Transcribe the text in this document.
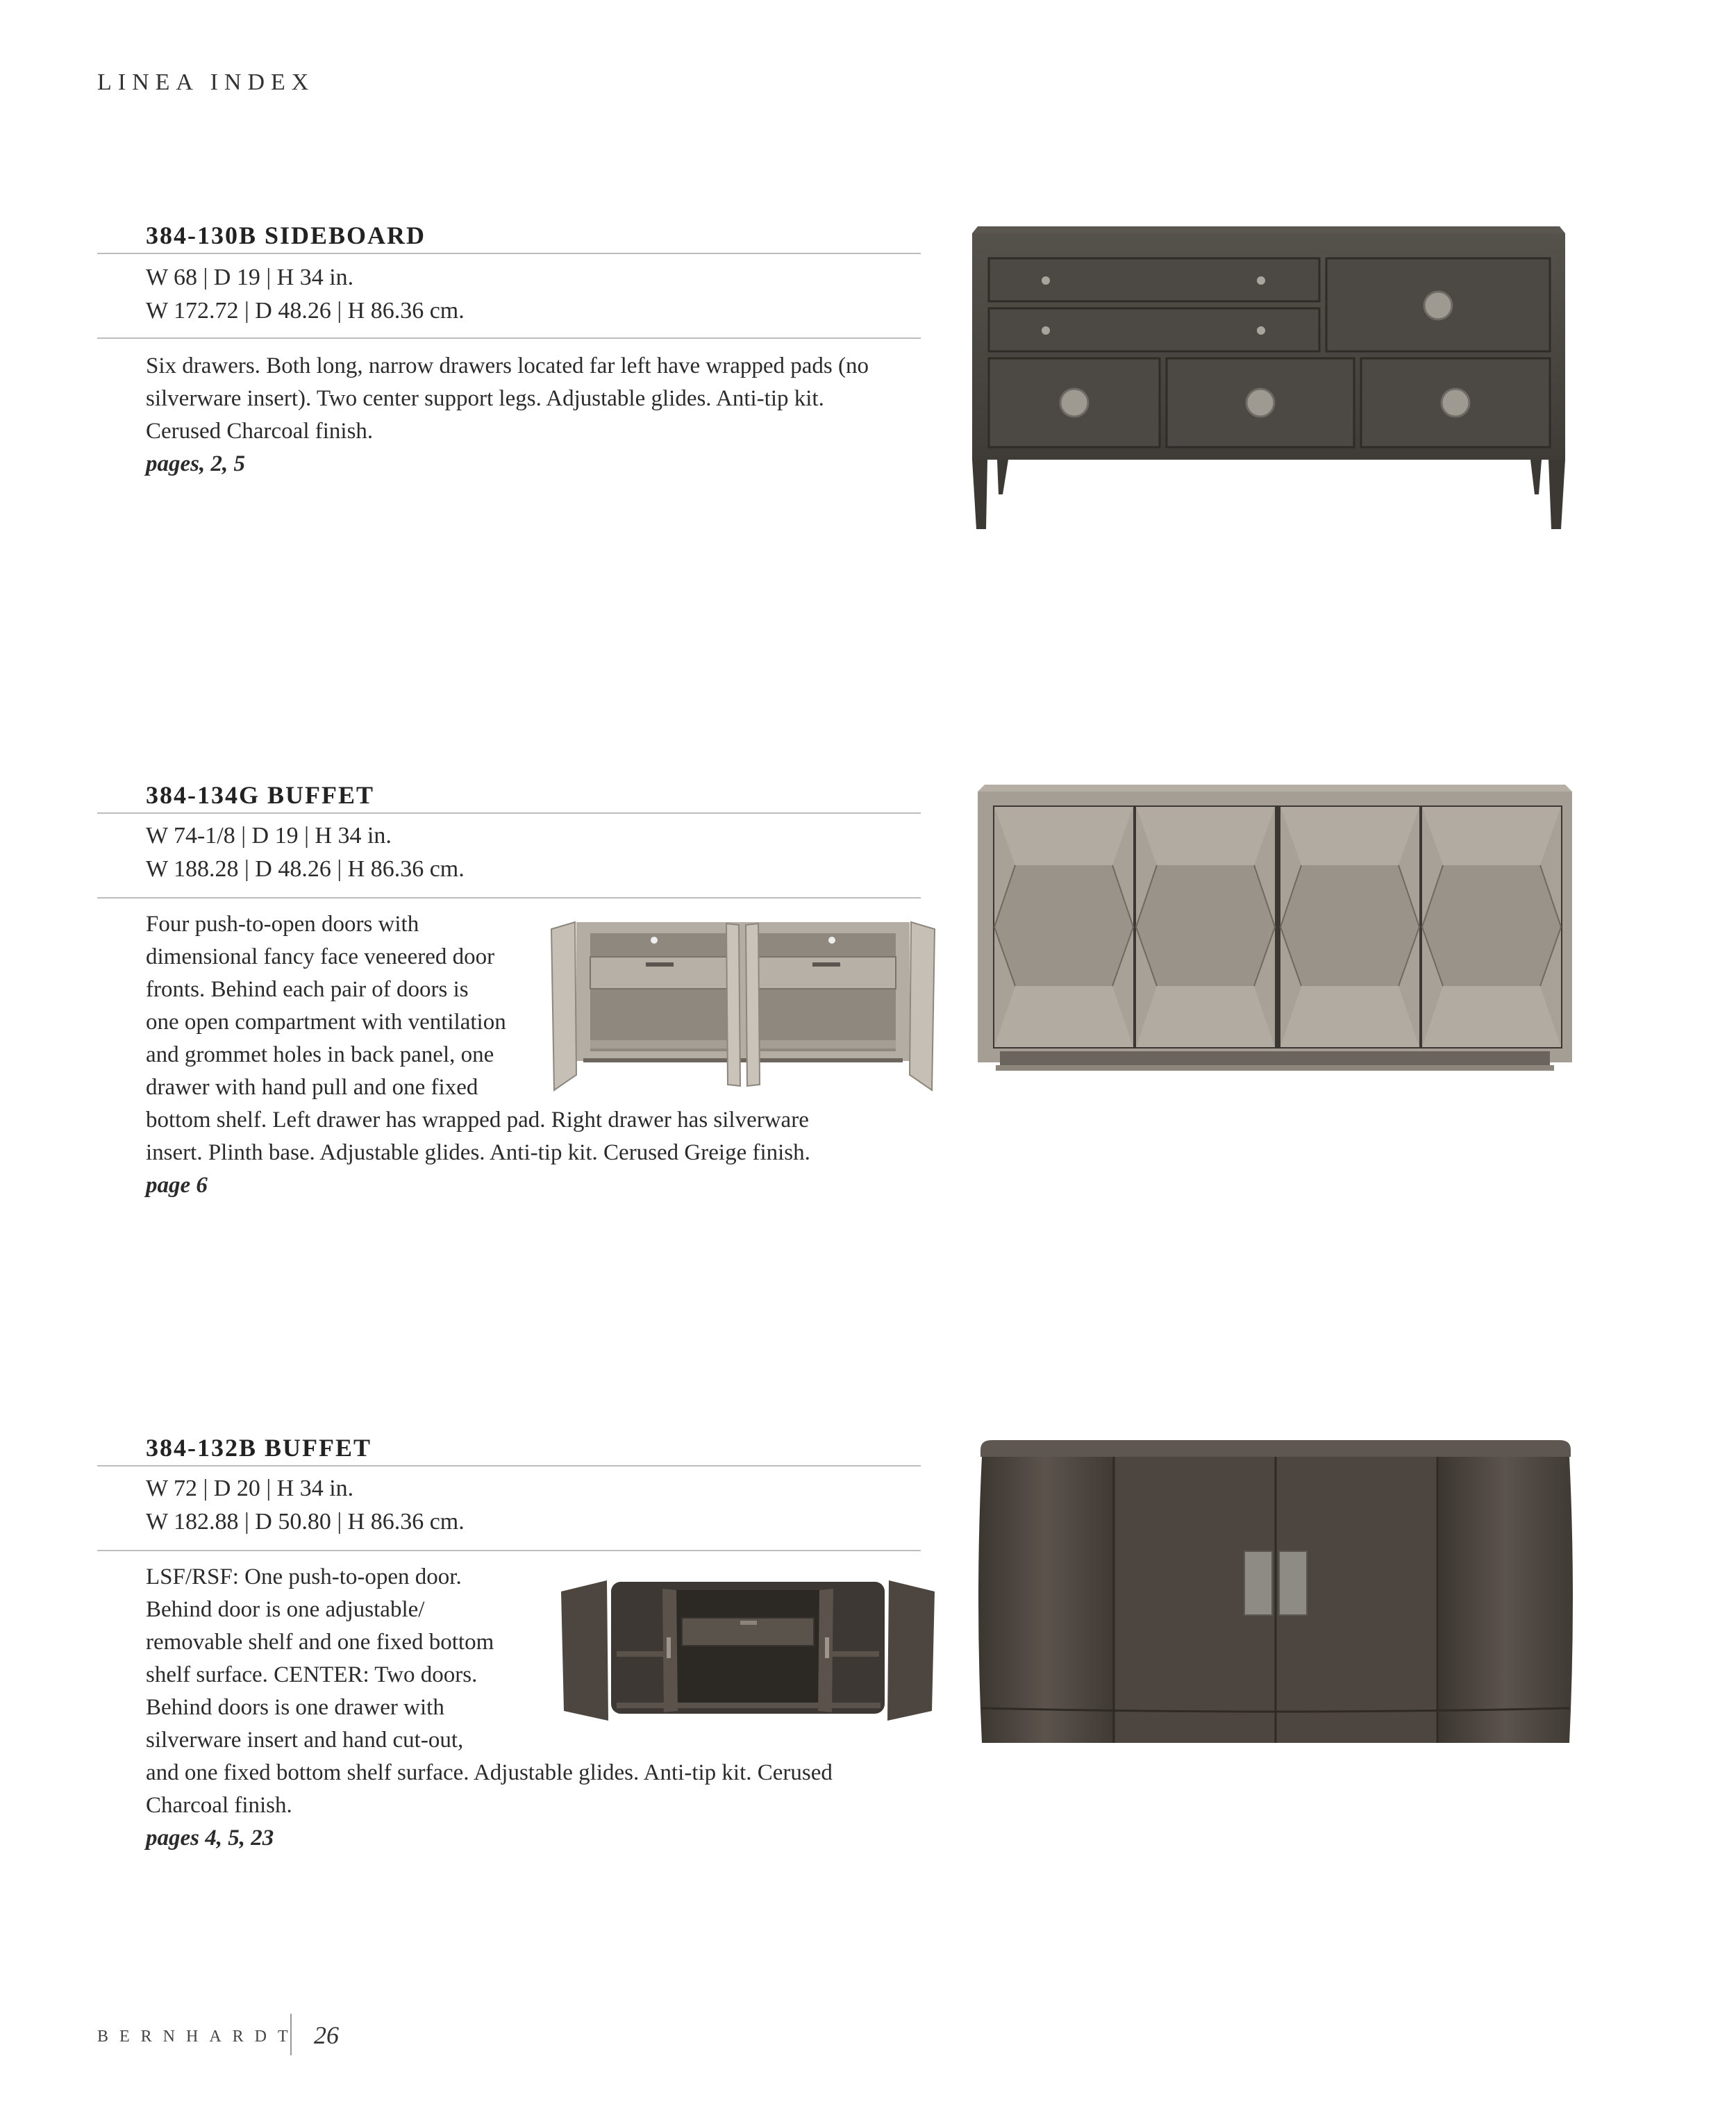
LINEA INDEX
384-130B SIDEBOARD
W 68 | D 19 | H 34 in.
W 172.72 | D 48.26 | H 86.36 cm.
Six drawers. Both long, narrow drawers located far left have wrapped pads (no
silverware insert). Two center support legs. Adjustable glides. Anti-tip kit.
Cerused Charcoal finish.
pages, 2, 5
384-134G BUFFET
W 74-1/8 | D 19 | H 34 in.
W 188.28 | D 48.26 | H 86.36 cm.
Four push-to-open doors with
dimensional fancy face veneered door
fronts. Behind each pair of doors is
one open compartment with ventilation
and grommet holes in back panel, one
drawer with hand pull and one fixed
bottom shelf. Left drawer has wrapped pad. Right drawer has silverware
insert. Plinth base. Adjustable glides. Anti-tip kit. Cerused Greige finish.
page 6
384-132B BUFFET
W 72 | D 20 | H 34 in.
W 182.88 | D 50.80 | H 86.36 cm.
LSF/RSF: One push-to-open door.
Behind door is one adjustable/
removable shelf and one fixed bottom
shelf surface. CENTER: Two doors.
Behind doors is one drawer with
silverware insert and hand cut-out,
and one fixed bottom shelf surface. Adjustable glides. Anti-tip kit. Cerused
Charcoal finish.
pages 4, 5, 23
BERNHARDT 26
